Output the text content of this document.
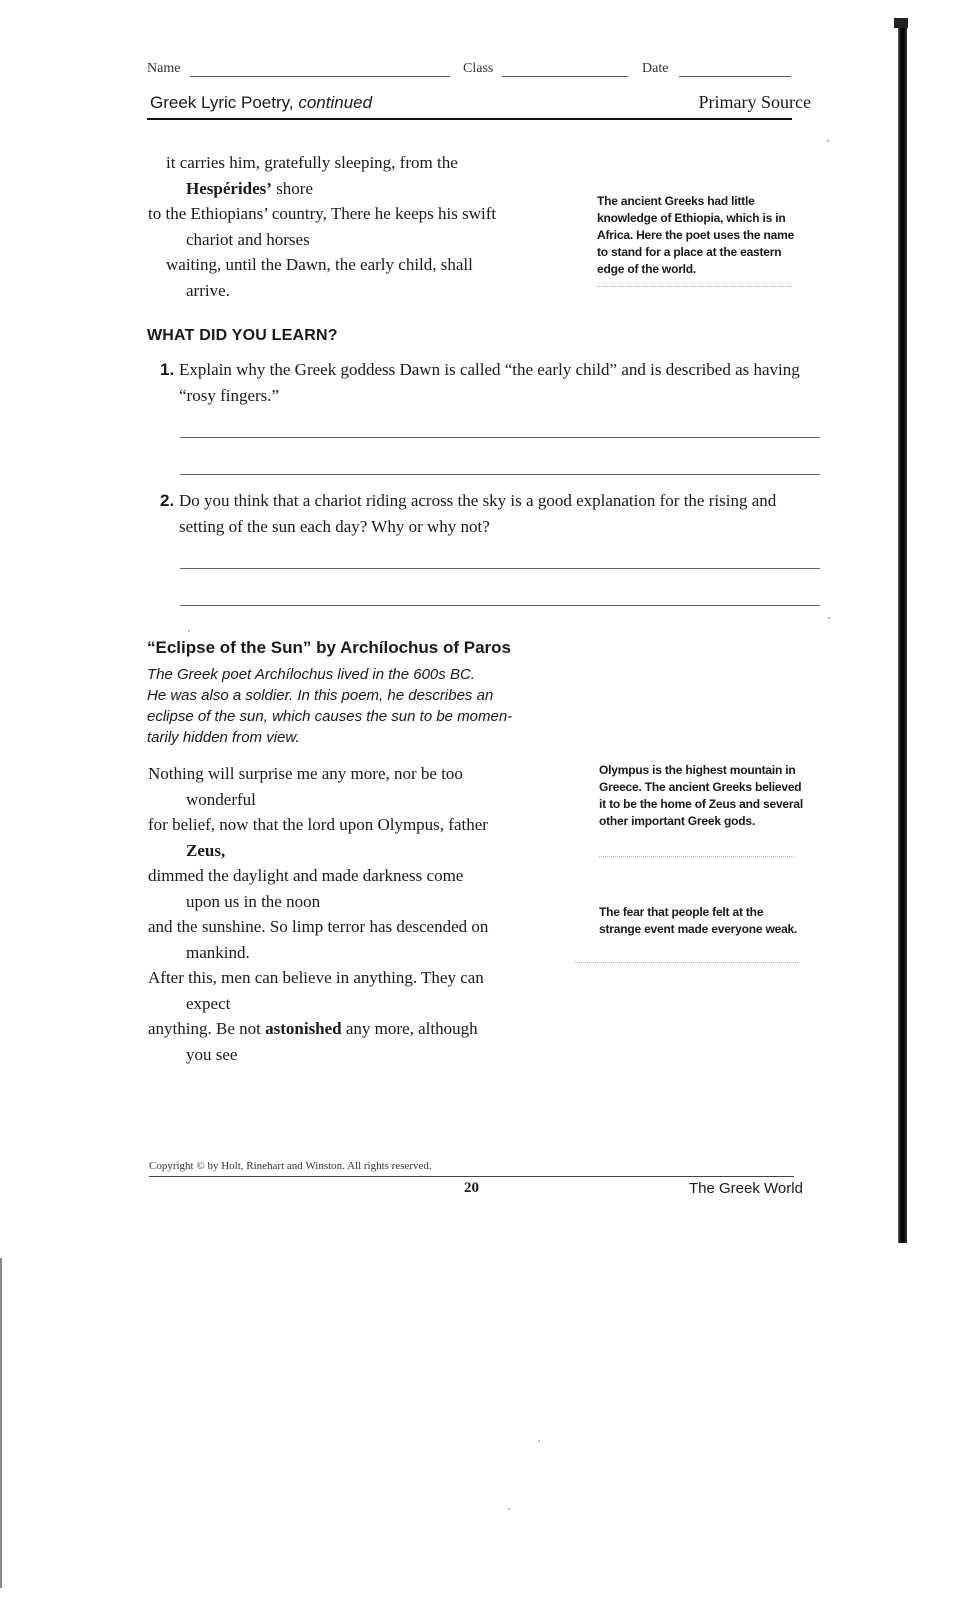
Name	Class	Date
Greek Lyric Poetry, continued	Primary Source
it carries him, gratefully sleeping, from the
Hespérides’ shore
to the Ethiopians’ country, There he keeps his swift
chariot and horses
waiting, until the Dawn, the early child, shall
arrive.
The ancient Greeks had little knowledge of Ethiopia, which is in Africa. Here the poet uses the name to stand for a place at the eastern edge of the world.
WHAT DID YOU LEARN?
1. Explain why the Greek goddess Dawn is called “the early child” and is described as having “rosy fingers.”
2. Do you think that a chariot riding across the sky is a good explanation for the rising and setting of the sun each day? Why or why not?
“Eclipse of the Sun” by Archílochus of Paros
The Greek poet Archílochus lived in the 600s BC.
He was also a soldier. In this poem, he describes an
eclipse of the sun, which causes the sun to be momen-
tarily hidden from view.
Nothing will surprise me any more, nor be too
wonderful
for belief, now that the lord upon Olympus, father
Zeus,
dimmed the daylight and made darkness come
upon us in the noon
and the sunshine. So limp terror has descended on
mankind.
After this, men can believe in anything. They can
expect
anything. Be not astonished any more, although
you see
Olympus is the highest mountain in Greece. The ancient Greeks believed it to be the home of Zeus and several other important Greek gods.
The fear that people felt at the strange event made everyone weak.
Copyright © by Holt, Rinehart and Winston. All rights reserved.
20	The Greek World
